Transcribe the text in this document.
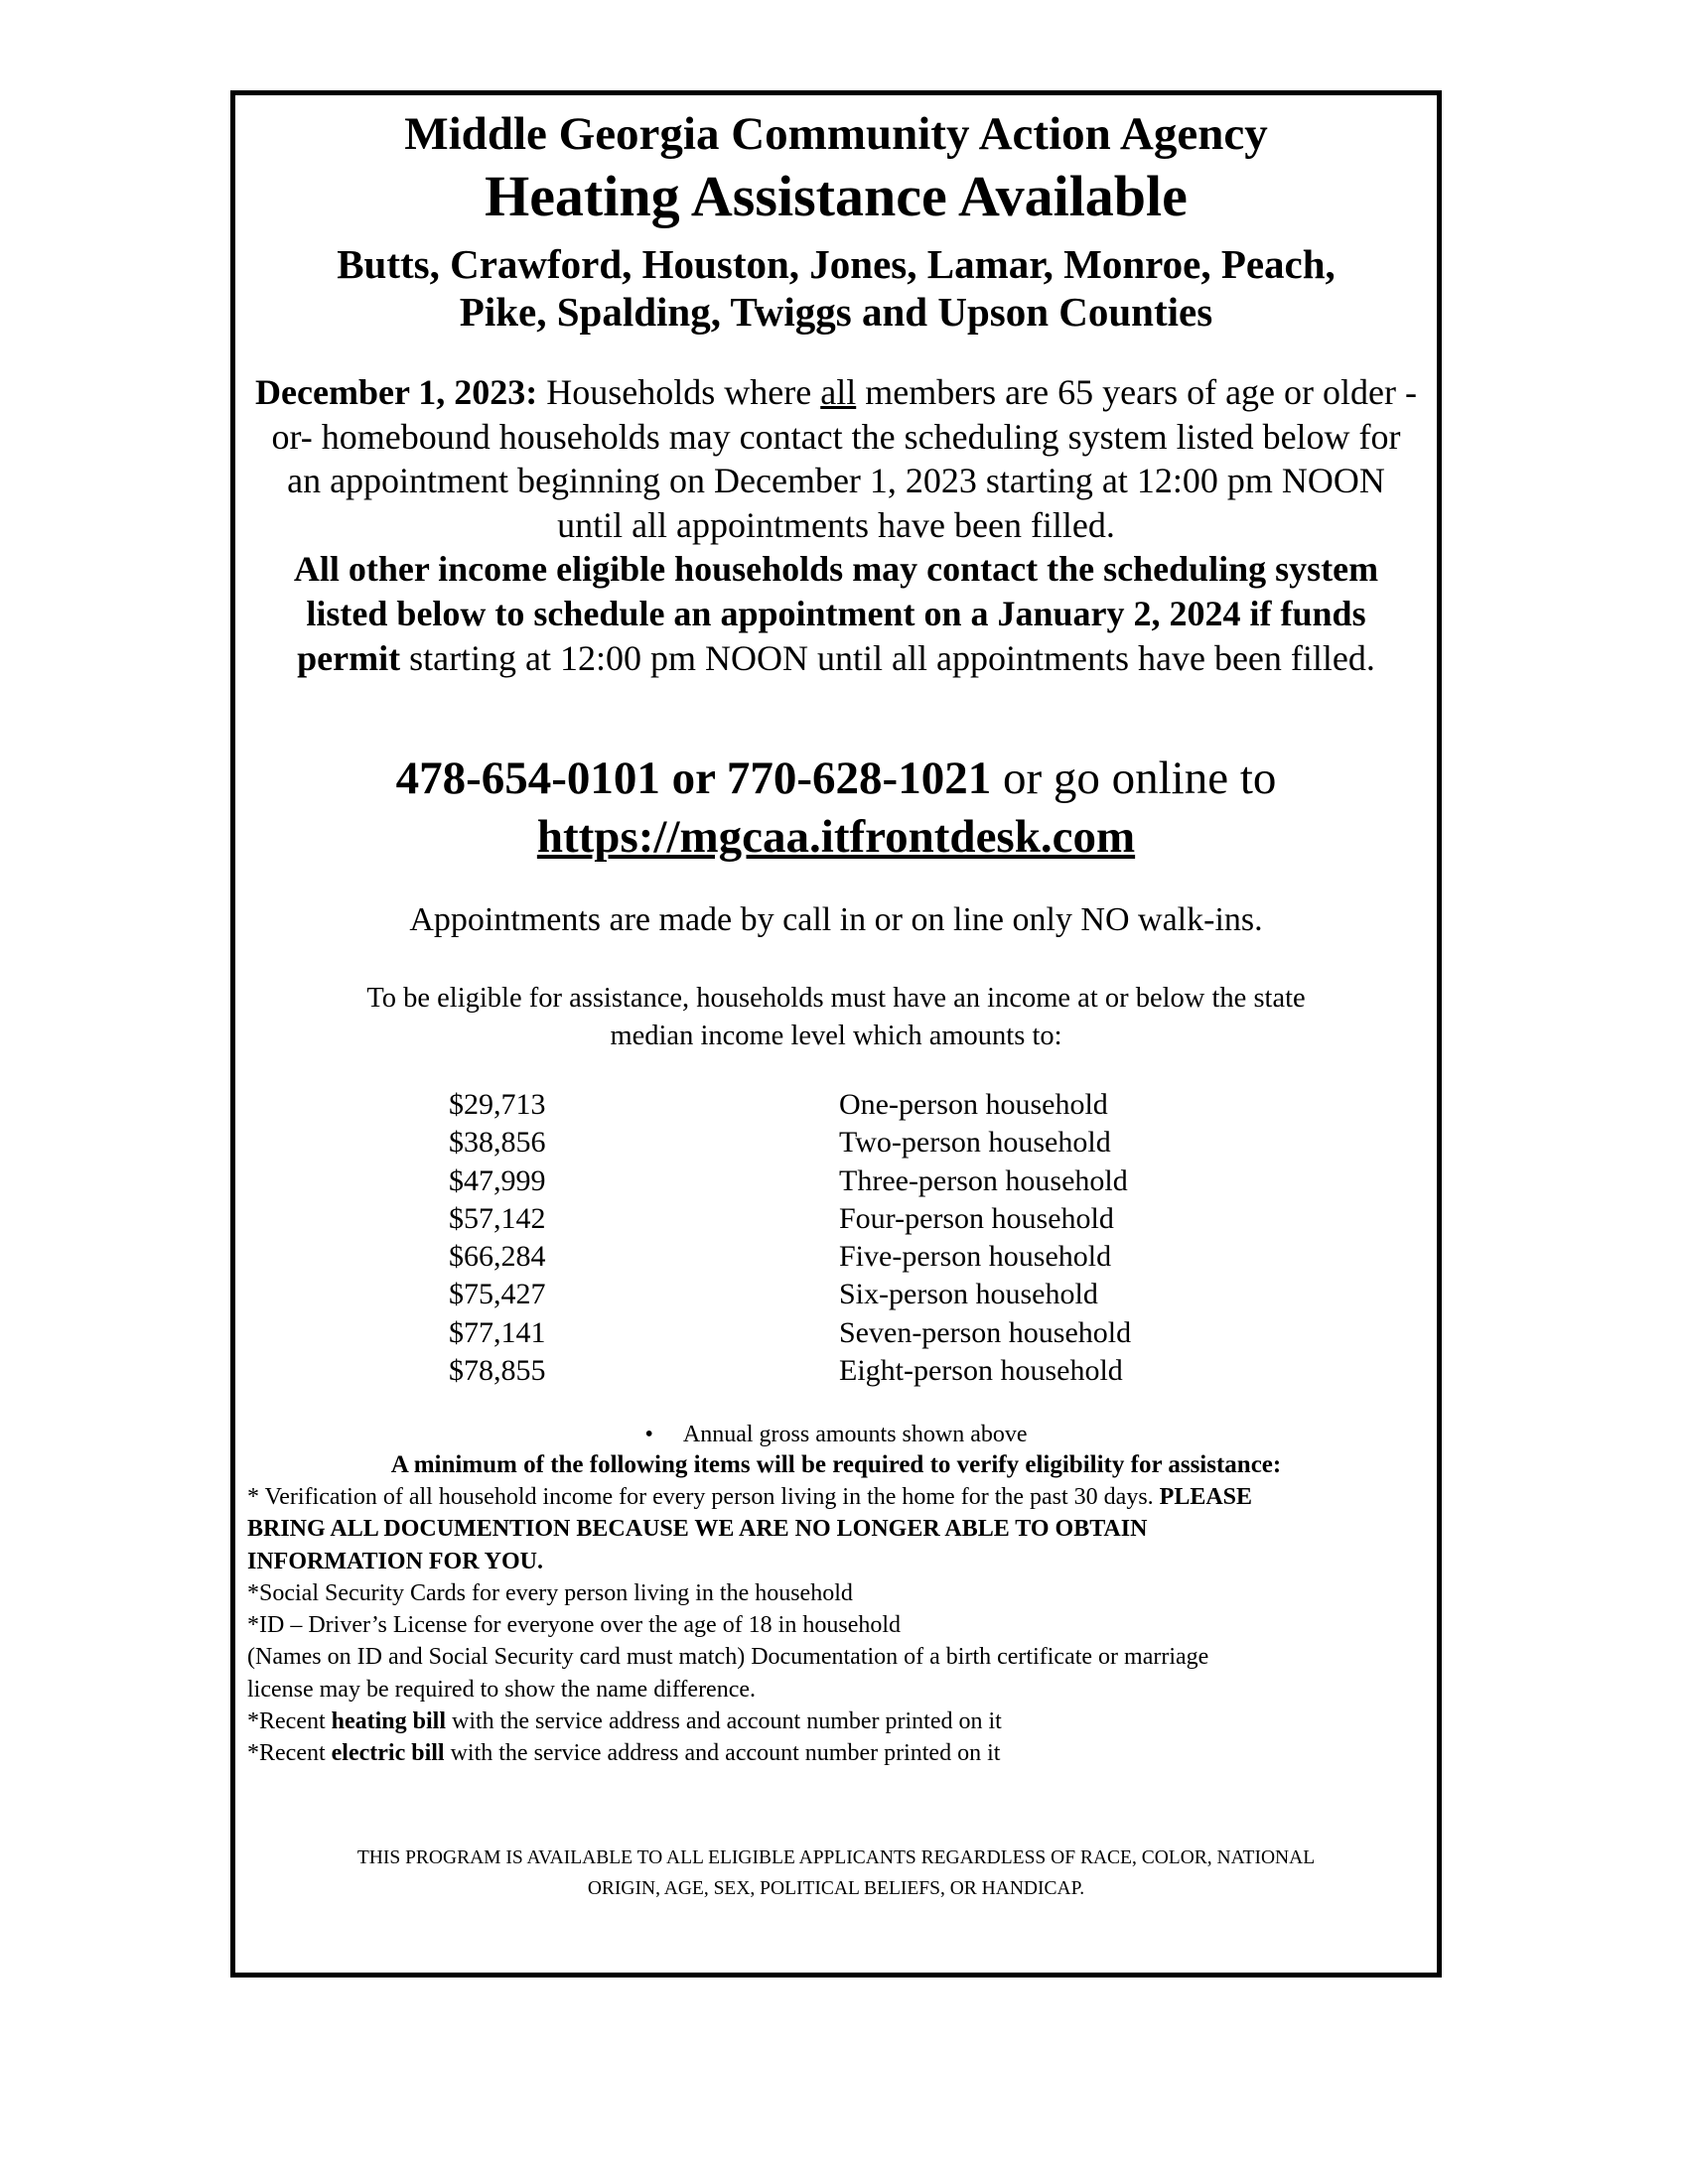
Middle Georgia Community Action Agency
Heating Assistance Available
Butts, Crawford, Houston, Jones, Lamar, Monroe, Peach,
Pike, Spalding, Twiggs and Upson Counties
December 1, 2023: Households where all members are 65 years of age or older -or- homebound households may contact the scheduling system listed below for an appointment beginning on December 1, 2023 starting at 12:00 pm NOON until all appointments have been filled.
All other income eligible households may contact the scheduling system listed below to schedule an appointment on a January 2, 2024 if funds permit starting at 12:00 pm NOON until all appointments have been filled.
478-654-0101 or 770-628-1021 or go online to
https://mgcaa.itfrontdesk.com
Appointments are made by call in or on line only NO walk-ins.
To be eligible for assistance, households must have an income at or below the state
median income level which amounts to:
$29,713	One-person household
$38,856	Two-person household
$47,999	Three-person household
$57,142	Four-person household
$66,284	Five-person household
$75,427	Six-person household
$77,141	Seven-person household
$78,855	Eight-person household
• Annual gross amounts shown above
A minimum of the following items will be required to verify eligibility for assistance:
* Verification of all household income for every person living in the home for the past 30 days. PLEASE
BRING ALL DOCUMENTION BECAUSE WE ARE NO LONGER ABLE TO OBTAIN
INFORMATION FOR YOU.
*Social Security Cards for every person living in the household
*ID – Driver’s License for everyone over the age of 18 in household
(Names on ID and Social Security card must match) Documentation of a birth certificate or marriage
license may be required to show the name difference.
*Recent heating bill with the service address and account number printed on it
*Recent electric bill with the service address and account number printed on it
THIS PROGRAM IS AVAILABLE TO ALL ELIGIBLE APPLICANTS REGARDLESS OF RACE, COLOR, NATIONAL
ORIGIN, AGE, SEX, POLITICAL BELIEFS, OR HANDICAP.
